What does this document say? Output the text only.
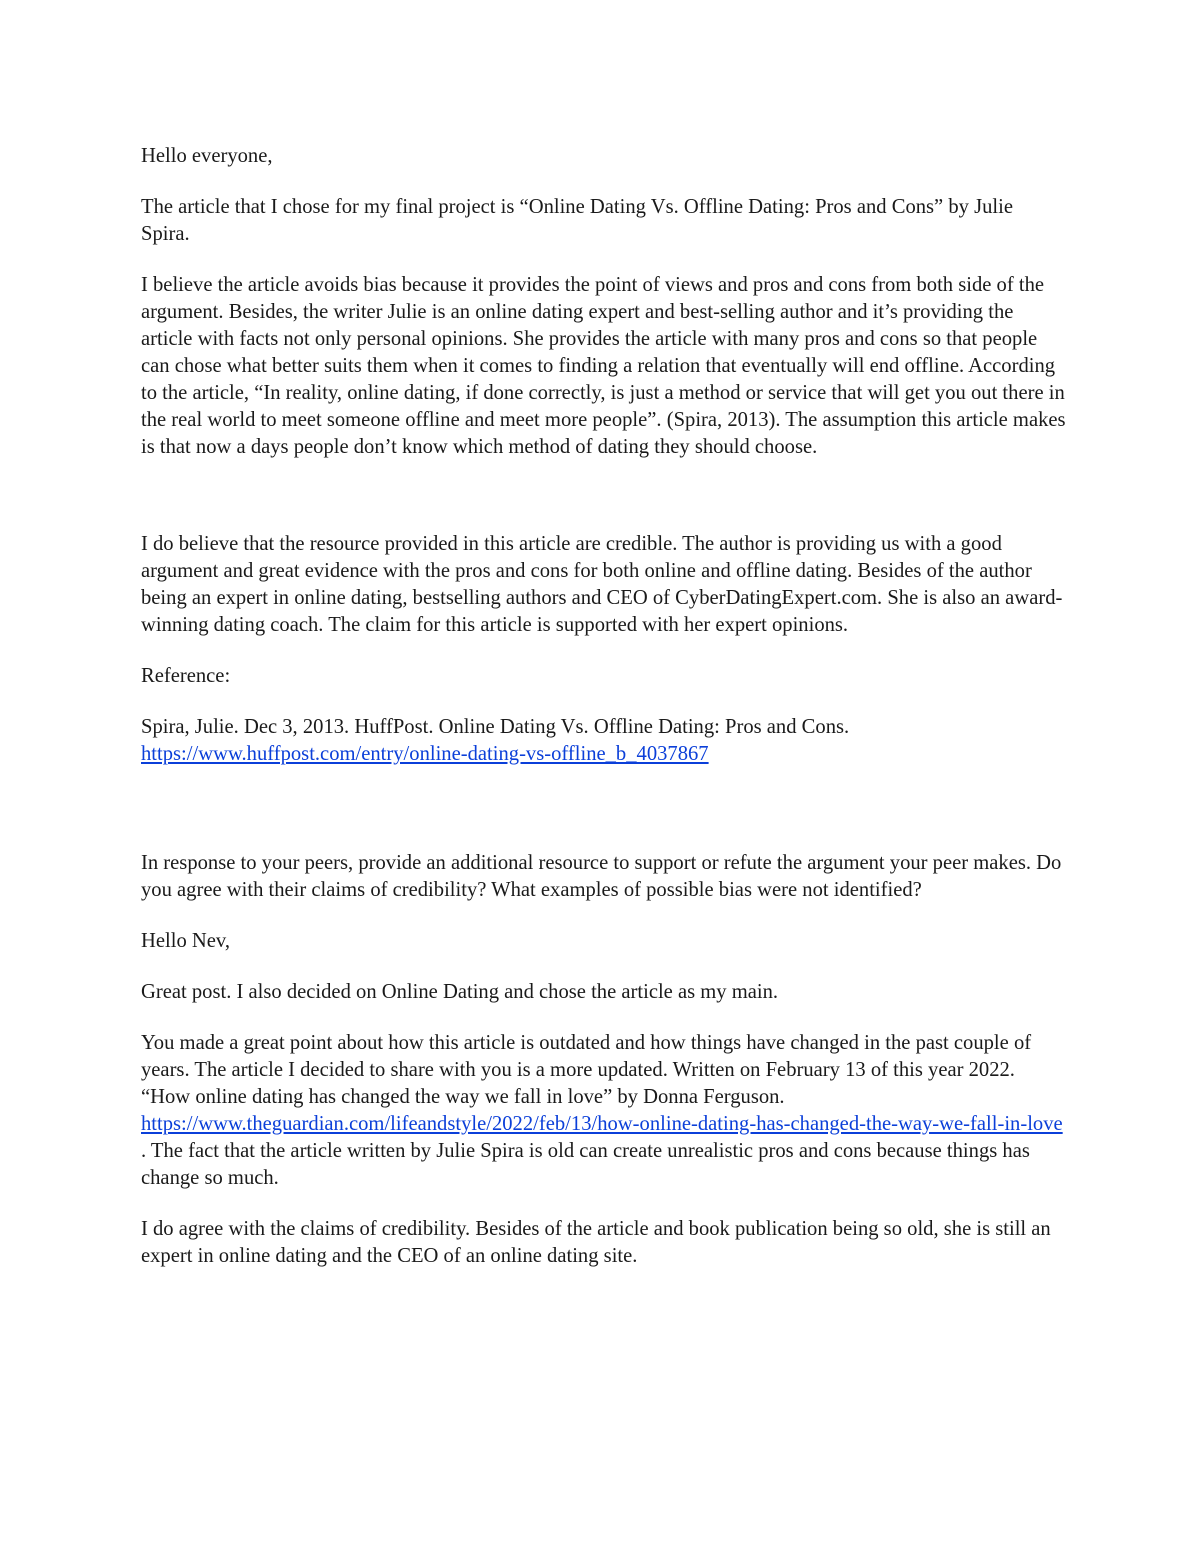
Hello everyone,

The article that I chose for my final project is “Online Dating Vs. Offline Dating: Pros and Cons” by Julie Spira.

I believe the article avoids bias because it provides the point of views and pros and cons from both side of the argument. Besides, the writer Julie is an online dating expert and best-selling author and it’s providing the article with facts not only personal opinions. She provides the article with many pros and cons so that people can chose what better suits them when it comes to finding a relation that eventually will end offline. According to the article, “In reality, online dating, if done correctly, is just a method or service that will get you out there in the real world to meet someone offline and meet more people”. (Spira, 2013). The assumption this article makes is that now a days people don’t know which method of dating they should choose.

I do believe that the resource provided in this article are credible. The author is providing us with a good argument and great evidence with the pros and cons for both online and offline dating. Besides of the author being an expert in online dating, bestselling authors and CEO of CyberDatingExpert.com. She is also an award-winning dating coach. The claim for this article is supported with her expert opinions.

Reference:

Spira, Julie. Dec 3, 2013. HuffPost. Online Dating Vs. Offline Dating: Pros and Cons.
https://www.huffpost.com/entry/online-dating-vs-offline_b_4037867

In response to your peers, provide an additional resource to support or refute the argument your peer makes. Do you agree with their claims of credibility? What examples of possible bias were not identified?

Hello Nev,

Great post. I also decided on Online Dating and chose the article as my main.

You made a great point about how this article is outdated and how things have changed in the past couple of years. The article I decided to share with you is a more updated. Written on February 13 of this year 2022. “How online dating has changed the way we fall in love” by Donna Ferguson. https://www.theguardian.com/lifeandstyle/2022/feb/13/how-online-dating-has-changed-the-way-we-fall-in-love . The fact that the article written by Julie Spira is old can create unrealistic pros and cons because things has change so much.

I do agree with the claims of credibility. Besides of the article and book publication being so old, she is still an expert in online dating and the CEO of an online dating site.
